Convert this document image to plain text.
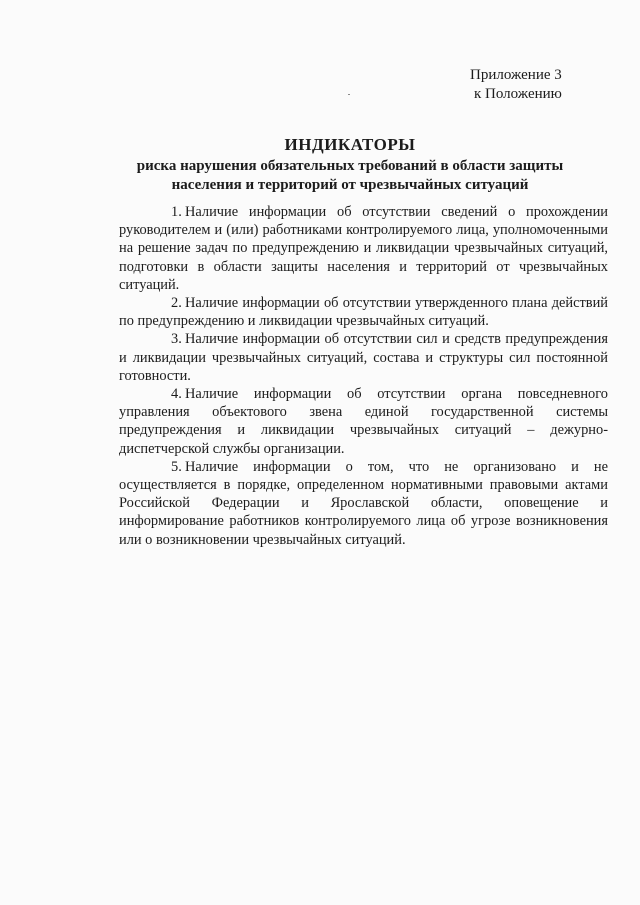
Приложение 3
к Положению
ИНДИКАТОРЫ
риска нарушения обязательных требований в области защиты
населения и территорий от чрезвычайных ситуаций

1. Наличие информации об отсутствии сведений о прохождении руководителем и (или) работниками контролируемого лица, уполномоченными на решение задач по предупреждению и ликвидации чрезвычайных ситуаций, подготовки в области защиты населения и территорий от чрезвычайных ситуаций.

2. Наличие информации об отсутствии утвержденного плана действий по предупреждению и ликвидации чрезвычайных ситуаций.

3. Наличие информации об отсутствии сил и средств предупреждения и ликвидации чрезвычайных ситуаций, состава и структуры сил постоянной готовности.

4. Наличие информации об отсутствии органа повседневного управления объектового звена единой государственной системы предупреждения и ликвидации чрезвычайных ситуаций – дежурно-диспетчерской службы организации.

5. Наличие информации о том, что не организовано и не осуществляется в порядке, определенном нормативными правовыми актами Российской Федерации и Ярославской области, оповещение и информирование работников контролируемого лица об угрозе возникновения или о возникновении чрезвычайных ситуаций.
